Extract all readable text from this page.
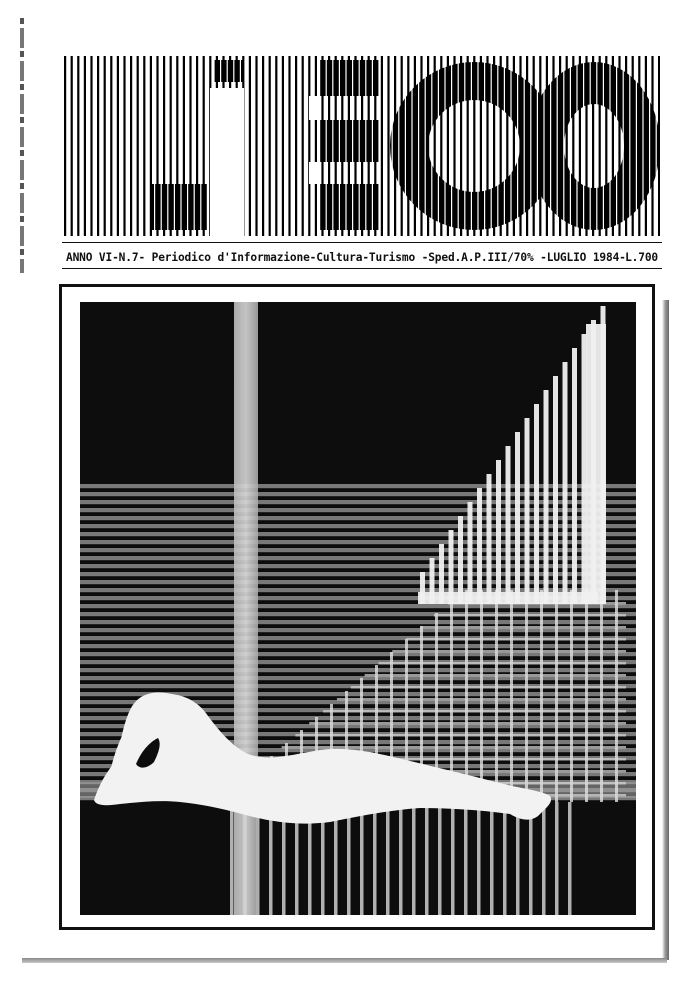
ANNO VI-N.7- Periodico d'Informazione-Cultura-Turismo -Sped.A.P.III/70% -LUGLIO 1984- L.700
